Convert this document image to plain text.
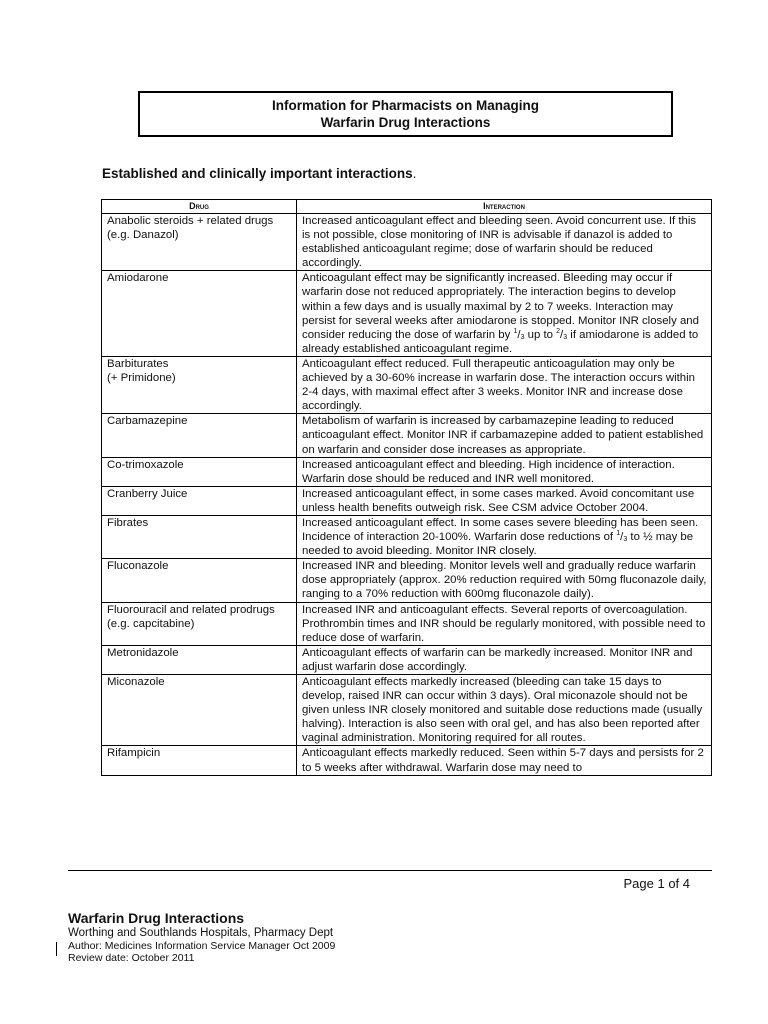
Information for Pharmacists on Managing
Warfarin Drug Interactions
Established and clinically important interactions.
Drug	Interaction
Anabolic steroids + related drugs (e.g. Danazol)	Increased anticoagulant effect and bleeding seen. Avoid concurrent use. If this is not possible, close monitoring of INR is advisable if danazol is added to established anticoagulant regime; dose of warfarin should be reduced accordingly.
Amiodarone	Anticoagulant effect may be significantly increased. Bleeding may occur if warfarin dose not reduced appropriately. The interaction begins to develop within a few days and is usually maximal by 2 to 7 weeks. Interaction may persist for several weeks after amiodarone is stopped. Monitor INR closely and consider reducing the dose of warfarin by $^1/_3$ up to $^2/_3$ if amiodarone is added to already established anticoagulant regime.

Barbiturates
(+ Primidone)	Anticoagulant effect reduced. Full therapeutic anticoagulation may only be achieved by a 30-60% increase in warfarin dose. The interaction occurs within 2-4 days, with maximal effect after 3 weeks. Monitor INR and increase dose accordingly.
Carbamazepine	Metabolism of warfarin is increased by carbamazepine leading to reduced anticoagulant effect. Monitor INR if carbamazepine added to patient established on warfarin and consider dose increases as appropriate.
Co-trimoxazole	Increased anticoagulant effect and bleeding. High incidence of interaction. Warfarin dose should be reduced and INR well monitored.
Cranberry Juice	Increased anticoagulant effect, in some cases marked. Avoid concomitant use unless health benefits outweigh risk. See CSM advice October 2004.
Fibrates	Increased anticoagulant effect. In some cases severe bleeding has been seen. Incidence of interaction 20-100%. Warfarin dose reductions of $^1/_3$ to ½ may be needed to avoid bleeding. Monitor INR closely.
Fluconazole	Increased INR and bleeding. Monitor levels well and gradually reduce warfarin dose appropriately (approx. 20% reduction required with 50mg fluconazole daily, ranging to a 70% reduction with 600mg fluconazole daily).
Fluorouracil and related prodrugs (e.g. capcitabine)	Increased INR and anticoagulant effects. Several reports of overcoagulation. Prothrombin times and INR should be regularly monitored, with possible need to reduce dose of warfarin.
Metronidazole	Anticoagulant effects of warfarin can be markedly increased. Monitor INR and adjust warfarin dose accordingly.
Miconazole	Anticoagulant effects markedly increased (bleeding can take 15 days to develop, raised INR can occur within 3 days). Oral miconazole should not be given unless INR closely monitored and suitable dose reductions made (usually halving). Interaction is also seen with oral gel, and has also been reported after vaginal administration. Monitoring required for all routes.
Rifampicin	Anticoagulant effects markedly reduced. Seen within 5-7 days and persists for 2 to 5 weeks after withdrawal. Warfarin dose may need to
Page 1 of 4
Warfarin Drug Interactions
Worthing and Southlands Hospitals, Pharmacy Dept
Author: Medicines Information Service Manager Oct 2009
Review date: October 2011
